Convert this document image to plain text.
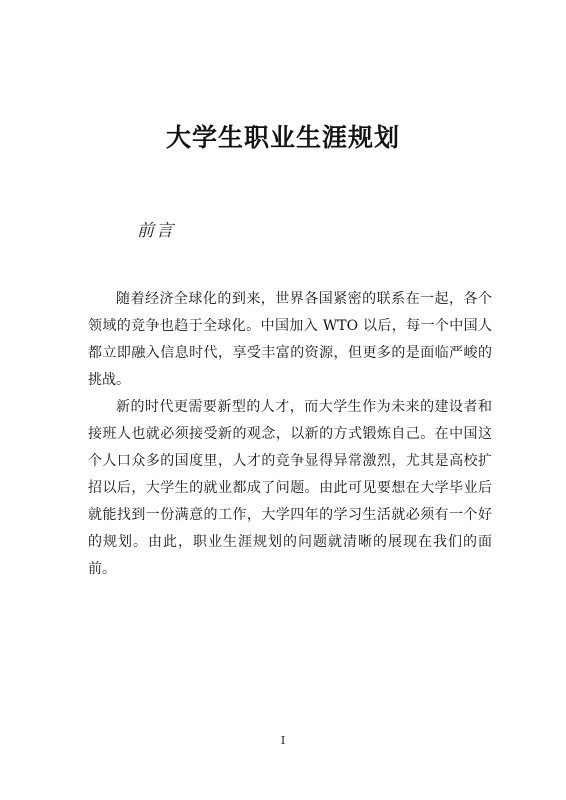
大学生职业生涯规划
前言

随着经济全球化的到来，世界各国紧密的联系在一起，各个领域的竞争也趋于全球化。中国加入 WTO 以后，每一个中国人都立即融入信息时代，享受丰富的资源，但更多的是面临严峻的挑战。

新的时代更需要新型的人才，而大学生作为未来的建设者和接班人也就必须接受新的观念，以新的方式锻炼自己。在中国这个人口众多的国度里，人才的竞争显得异常激烈，尤其是高校扩招以后，大学生的就业都成了问题。由此可见要想在大学毕业后就能找到一份满意的工作，大学四年的学习生活就必须有一个好的规划。由此，职业生涯规划的问题就清晰的展现在我们的面前。

I
